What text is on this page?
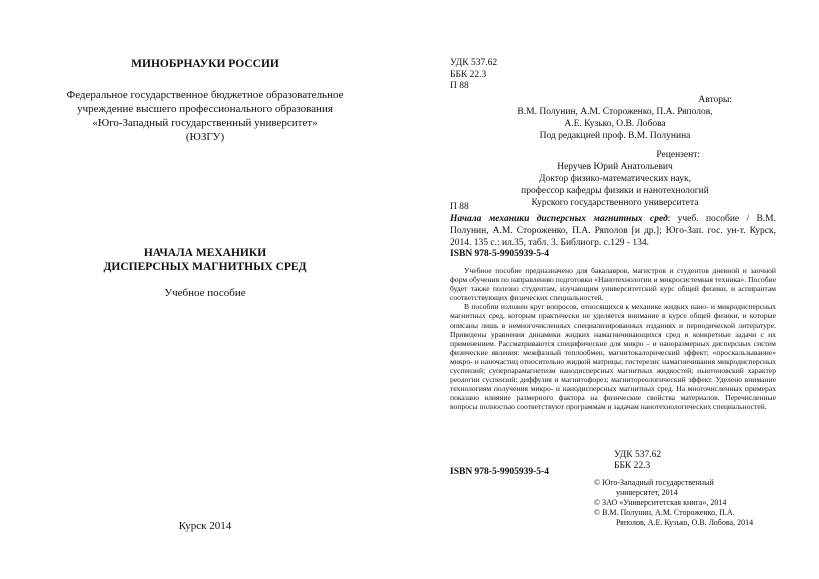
МИНОБРНАУКИ РОССИИ
Федеральное государственное бюджетное образовательное
учреждение высшего профессионального образования
«Юго-Западный государственный университет»
(ЮЗГУ)
НАЧАЛА МЕХАНИКИ
ДИСПЕРСНЫХ МАГНИТНЫХ СРЕД
Учебное пособие
Курск 2014
УДК 537.62
ББК 22.3
П 88
Авторы:
В.М. Полунин, А.М. Стороженко, П.А. Ряполов,
А.Е. Кузько, О.В. Лобова
Под редакцией проф. В.М. Полунина
Рецензент:
Неручев Юрий Анатольевич
Доктор физико-математических наук,
профессор кафедры физики и нанотехнологий
Курского государственного университета
П 88
Начала механики дисперсных магнитных сред: учеб. пособие / В.М. Полунин, А.М. Стороженко, П.А. Ряполов [и др.]; Юго-Зап. гос. ун-т. Курск, 2014. 135 с.: ил.35, табл. 3. Библиогр. с.129 - 134.
ISBN 978-5-9905939-5-4

Учебное пособие предназначено для бакалавров, магистров и студентов дневной и заочной форм обучения по направлению подготовки «Нанотехнологии и микросистемная техника». Пособие будет также полезно студентам, изучающим университетский курс общей физики, и аспирантам соответствующих физических специальностей.

В пособии изложен круг вопросов, относящихся к механике жидких нано- и микродисперсных магнитных сред, которым практически не уделяется внимание в курсе общей физики, и которые описаны лишь в немногочисленных специализированных изданиях и периодической литературе. Приведены уравнения динамики жидких намагничивающихся сред и конкретные задачи с их применением. Рассматриваются специфические для микро – и наноразмерных дисперсных систем физические явления: межфазный теплообмен, магнитокалорический эффект; «проскальзывание» микро- и наночастиц относительно жидкой матрицы; гистерезис намагничивания микродисперсных суспензий; суперпарамагнетизм нанодисперсных магнитных жидкостей; ньютоновский характер реологии суспензий; диффузия и магнитофорез; магнитореологический эффект. Уделено внимание технологиям получения микро- и нанодисперсных магнитных сред. На многочисленных примерах показано влияние размерного фактора на физические свойства материалов. Перечисленные вопросы полностью соответствуют программам и задачам нанотехнологических специальностей.

УДК 537.62
ББК 22.3
ISBN 978-5-9905939-5-4
© Юго-Западный государственный
университет, 2014
© ЗАО «Университетская книга», 2014
© В.М. Полунин, А.М. Стороженко, П.А.
Ряполов, А.Е. Кузько, О.В. Лобова, 2014
